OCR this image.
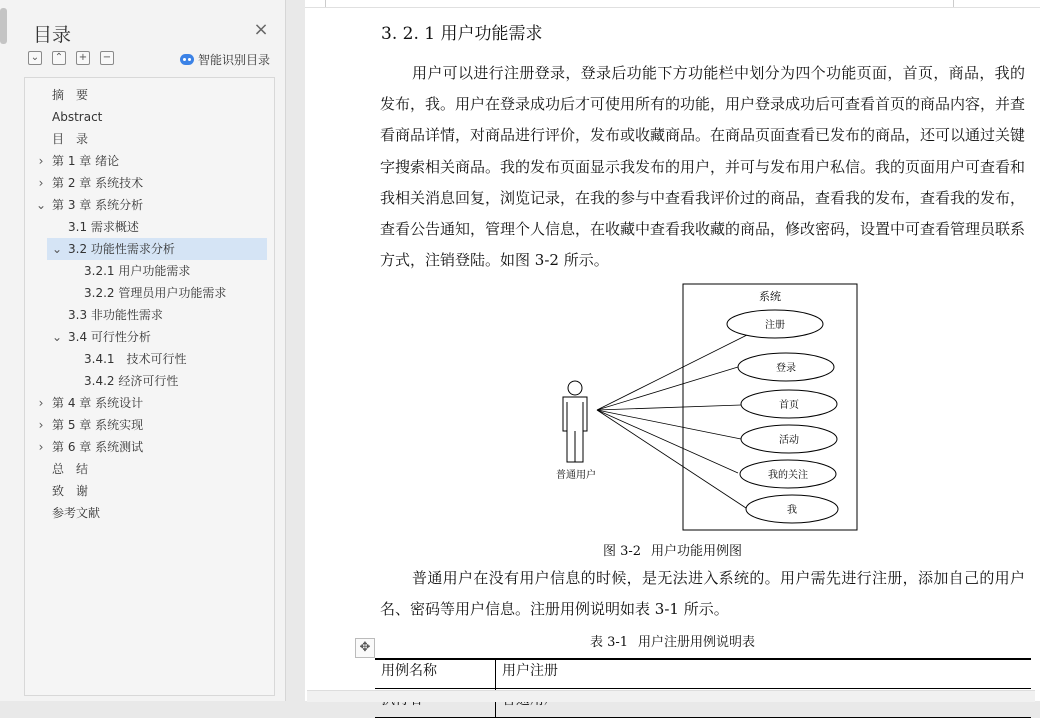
目录	×
⌄ ⌃ + −	智能识别目录
摘　要
Abstract
目　录
› 第 1 章 绪论
› 第 2 章 系统技术
⌄ 第 3 章 系统分析
3.1 需求概述
⌄ 3.2 功能性需求分析
3.2.1 用户功能需求
3.2.2 管理员用户功能需求
3.3 非功能性需求
⌄ 3.4 可行性分析
3.4.1　技术可行性
3.4.2 经济可行性
› 第 4 章 系统设计
› 第 5 章 系统实现
› 第 6 章 系统测试
总　结
致　谢
参考文献
3. 2. 1 用户功能需求

用户可以进行注册登录，登录后功能下方功能栏中划分为四个功能页面，首页，商品，我的发布，我。用户在登录成功后才可使用所有的功能，用户登录成功后可查看首页的商品内容，并查看商品详情，对商品进行评价，发布或收藏商品。在商品页面查看已发布的商品，还可以通过关键字搜索相关商品。我的发布页面显示我发布的用户，并可与发布用户私信。我的页面用户可查看和我相关消息回复，浏览记录，在我的参与中查看我评价过的商品，查看我的发布，查看我的发布，查看公告通知，管理个人信息，在收藏中查看我收藏的商品，修改密码，设置中可查看管理员联系方式，注销登陆。如图 3-2 所示。

系统
普通用户
注册
登录
首页
活动
我的关注
我
图 3-2 用户功能用例图

普通用户在没有用户信息的时候，是无法进入系统的。用户需先进行注册，添加自己的用户名、密码等用户信息。注册用例说明如表 3-1 所示。

表 3-1 用户注册用例说明表
✥
用例名称	用户注册
